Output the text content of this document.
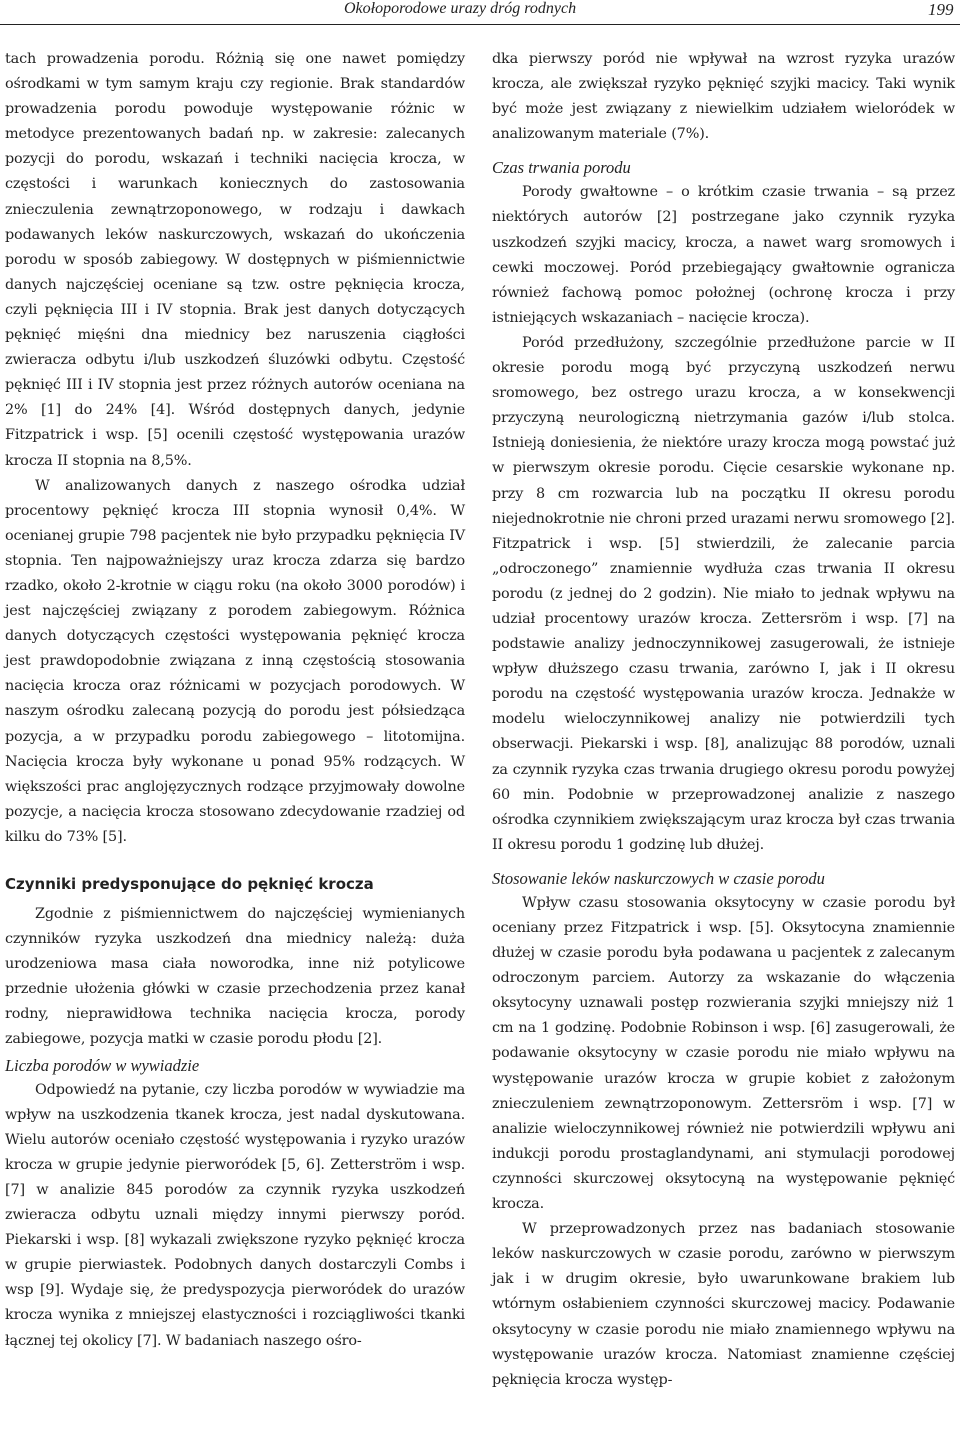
Okołoporodowe urazy dróg rodnych	199

tach prowadzenia porodu. Różnią się one nawet pomiędzy ośrodkami w tym samym kraju czy regionie. Brak standardów prowadzenia porodu powoduje występowanie różnic w metodyce prezentowanych badań np. w zakresie: zalecanych pozycji do porodu, wskazań i techniki nacięcia krocza, w częstości i warunkach koniecznych do zastosowania znieczulenia zewnątrzoponowego, w rodzaju i dawkach podawanych leków naskurczowych, wskazań do ukończenia porodu w sposób zabiegowy. W dostępnych w piśmiennictwie danych najczęściej oceniane są tzw. ostre pęknięcia krocza, czyli pęknięcia III i IV stopnia. Brak jest danych dotyczących pęknięć mięśni dna miednicy bez naruszenia ciągłości zwieracza odbytu i/lub uszkodzeń śluzówki odbytu. Częstość pęknięć III i IV stopnia jest przez różnych autorów oceniana na 2% [1] do 24% [4]. Wśród dostępnych danych, jedynie Fitzpatrick i wsp. [5] ocenili częstość występowania urazów krocza II stopnia na 8,5%.

W analizowanych danych z naszego ośrodka udział procentowy pęknięć krocza III stopnia wynosił 0,4%. W ocenianej grupie 798 pacjentek nie było przypadku pęknięcia IV stopnia. Ten najpoważniejszy uraz krocza zdarza się bardzo rzadko, około 2-krotnie w ciągu roku (na około 3000 porodów) i jest najczęściej związany z porodem zabiegowym. Różnica danych dotyczących częstości występowania pęknięć krocza jest prawdopodobnie związana z inną częstością stosowania nacięcia krocza oraz różnicami w pozycjach porodowych. W naszym ośrodku zalecaną pozycją do porodu jest półsiedząca pozycja, a w przypadku porodu zabiegowego – litotomijna. Nacięcia krocza były wykonane u ponad 95% rodzących. W większości prac anglojęzycznych rodzące przyjmowały dowolne pozycje, a nacięcia krocza stosowano zdecydowanie rzadziej od kilku do 73% [5].

Czynniki predysponujące do pęknięć krocza

Zgodnie z piśmiennictwem do najczęściej wymienianych czynników ryzyka uszkodzeń dna miednicy należą: duża urodzeniowa masa ciała noworodka, inne niż potylicowe przednie ułożenia główki w czasie przechodzenia przez kanał rodny, nieprawidłowa technika nacięcia krocza, porody zabiegowe, pozycja matki w czasie porodu płodu [2].

Liczba porodów w wywiadzie

Odpowiedź na pytanie, czy liczba porodów w wywiadzie ma wpływ na uszkodzenia tkanek krocza, jest nadal dyskutowana. Wielu autorów oceniało częstość występowania i ryzyko urazów krocza w grupie jedynie pierworódek [5, 6]. Zetterström i wsp. [7] w analizie 845 porodów za czynnik ryzyka uszkodzeń zwieracza odbytu uznali między innymi pierwszy poród. Piekarski i wsp. [8] wykazali zwiększone ryzyko pęknięć krocza w grupie pierwiastek. Podobnych danych dostarczyli Combs i wsp [9]. Wydaje się, że predyspozycja pierworódek do urazów krocza wynika z mniejszej elastyczności i rozciągliwości tkanki łącznej tej okolicy [7]. W badaniach naszego ośro-

dka pierwszy poród nie wpływał na wzrost ryzyka urazów krocza, ale zwiększał ryzyko pęknięć szyjki macicy. Taki wynik być może jest związany z niewielkim udziałem wieloródek w analizowanym materiale (7%).

Czas trwania porodu

Porody gwałtowne – o krótkim czasie trwania – są przez niektórych autorów [2] postrzegane jako czynnik ryzyka uszkodzeń szyjki macicy, krocza, a nawet warg sromowych i cewki moczowej. Poród przebiegający gwałtownie ogranicza również fachową pomoc położnej (ochronę krocza i przy istniejących wskazaniach – nacięcie krocza).

Poród przedłużony, szczególnie przedłużone parcie w II okresie porodu mogą być przyczyną uszkodzeń nerwu sromowego, bez ostrego urazu krocza, a w konsekwencji przyczyną neurologiczną nietrzymania gazów i/lub stolca. Istnieją doniesienia, że niektóre urazy krocza mogą powstać już w pierwszym okresie porodu. Cięcie cesarskie wykonane np. przy 8 cm rozwarcia lub na początku II okresu porodu niejednokrotnie nie chroni przed urazami nerwu sromowego [2]. Fitzpatrick i wsp. [5] stwierdzili, że zalecanie parcia „odroczonego” znamiennie wydłuża czas trwania II okresu porodu (z jednej do 2 godzin). Nie miało to jednak wpływu na udział procentowy urazów krocza. Zettersröm i wsp. [7] na podstawie analizy jednoczynnikowej zasugerowali, że istnieje wpływ dłuższego czasu trwania, zarówno I, jak i II okresu porodu na częstość występowania urazów krocza. Jednakże w modelu wieloczynnikowej analizy nie potwierdzili tych obserwacji. Piekarski i wsp. [8], analizując 88 porodów, uznali za czynnik ryzyka czas trwania drugiego okresu porodu powyżej 60 min. Podobnie w przeprowadzonej analizie z naszego ośrodka czynnikiem zwiększającym uraz krocza był czas trwania II okresu porodu 1 godzinę lub dłużej.

Stosowanie leków naskurczowych w czasie porodu

Wpływ czasu stosowania oksytocyny w czasie porodu był oceniany przez Fitzpatrick i wsp. [5]. Oksytocyna znamiennie dłużej w czasie porodu była podawana u pacjentek z zalecanym odroczonym parciem. Autorzy za wskazanie do włączenia oksytocyny uznawali postęp rozwierania szyjki mniejszy niż 1 cm na 1 godzinę. Podobnie Robinson i wsp. [6] zasugerowali, że podawanie oksytocyny w czasie porodu nie miało wpływu na występowanie urazów krocza w grupie kobiet z założonym znieczuleniem zewnątrzoponowym. Zettersröm i wsp. [7] w analizie wieloczynnikowej również nie potwierdzili wpływu ani indukcji porodu prostaglandynami, ani stymulacji porodowej czynności skurczowej oksytocyną na występowanie pęknięć krocza.

W przeprowadzonych przez nas badaniach stosowanie leków naskurczowych w czasie porodu, zarówno w pierwszym jak i w drugim okresie, było uwarunkowane brakiem lub wtórnym osłabieniem czynności skurczowej macicy. Podawanie oksytocyny w czasie porodu nie miało znamiennego wpływu na występowanie urazów krocza. Natomiast znamienne częściej pęknięcia krocza występ-
